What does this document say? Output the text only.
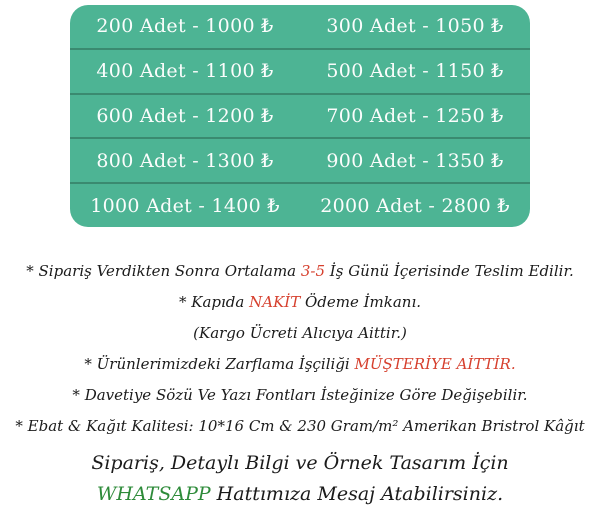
200 Adet - 1000 ₺	300 Adet - 1050 ₺
400 Adet - 1100 ₺	500 Adet - 1150 ₺
600 Adet - 1200 ₺	700 Adet - 1250 ₺
800 Adet - 1300 ₺	900 Adet - 1350 ₺
1000 Adet - 1400 ₺	2000 Adet - 2800 ₺

* Sipariş Verdikten Sonra Ortalama 3-5 İş Günü İçerisinde Teslim Edilir.

* Kapıda NAKİT Ödeme İmkanı.

(Kargo Ücreti Alıcıya Aittir.)

* Ürünlerimizdeki Zarflama İşçiliği MÜŞTERİYE AİTTİR.

* Davetiye Sözü Ve Yazı Fontları İsteğinize Göre Değişebilir.

* Ebat & Kağıt Kalitesi: 10*16 Cm & 230 Gram/m² Amerikan Bristrol Kâğıt

Sipariş, Detaylı Bilgi ve Örnek Tasarım İçin

WHATSAPP Hattımıza Mesaj Atabilirsiniz.
